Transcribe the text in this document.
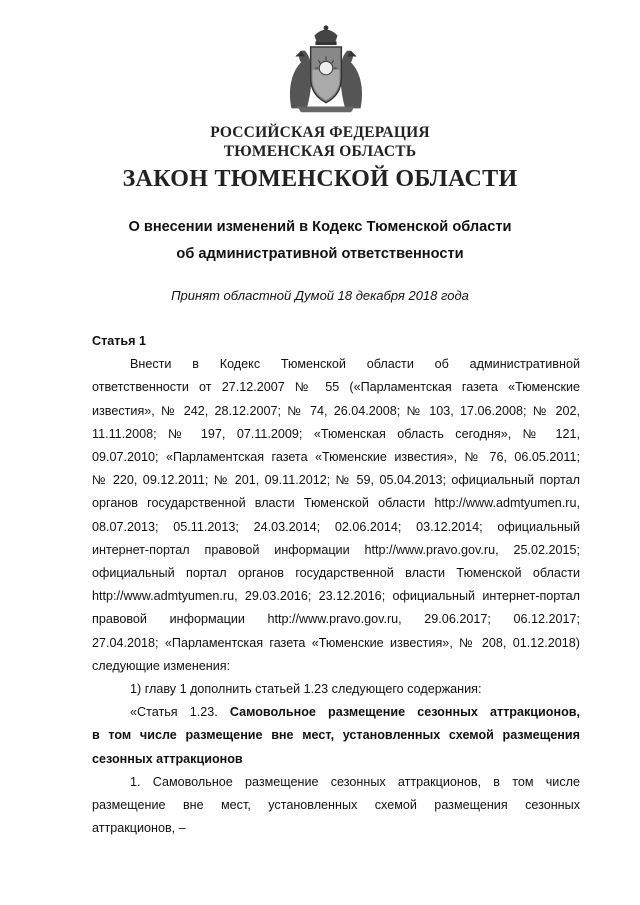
РОССИЙСКАЯ ФЕДЕРАЦИЯ
ТЮМЕНСКАЯ ОБЛАСТЬ
ЗАКОН ТЮМЕНСКОЙ ОБЛАСТИ
О внесении изменений в Кодекс Тюменской области
об административной ответственности
Принят областной Думой 18 декабря 2018 года

Статья 1

Внести в Кодекс Тюменской области об административной

ответственности от 27.12.2007 № 55 («Парламентская газета «Тюменские

известия», № 242, 28.12.2007; № 74, 26.04.2008; № 103, 17.06.2008; № 202,

11.11.2008; № 197, 07.11.2009; «Тюменская область сегодня», № 121,

09.07.2010; «Парламентская газета «Тюменские известия», № 76, 06.05.2011;

№ 220, 09.12.2011; № 201, 09.11.2012; № 59, 05.04.2013; официальный портал

органов государственной власти Тюменской области http://www.admtyumen.ru,

08.07.2013; 05.11.2013; 24.03.2014; 02.06.2014; 03.12.2014; официальный

интернет-портал правовой информации http://www.pravo.gov.ru, 25.02.2015;

официальный портал органов государственной власти Тюменской области

http://www.admtyumen.ru, 29.03.2016; 23.12.2016; официальный интернет-портал

правовой информации http://www.pravo.gov.ru, 29.06.2017; 06.12.2017;

27.04.2018; «Парламентская газета «Тюменские известия», № 208, 01.12.2018)

следующие изменения:

1) главу 1 дополнить статьей 1.23 следующего содержания:

«Статья 1.23. Самовольное размещение сезонных аттракционов,

в том числе размещение вне мест, установленных схемой размещения

сезонных аттракционов

1. Самовольное размещение сезонных аттракционов, в том числе

размещение вне мест, установленных схемой размещения сезонных

аттракционов, –
